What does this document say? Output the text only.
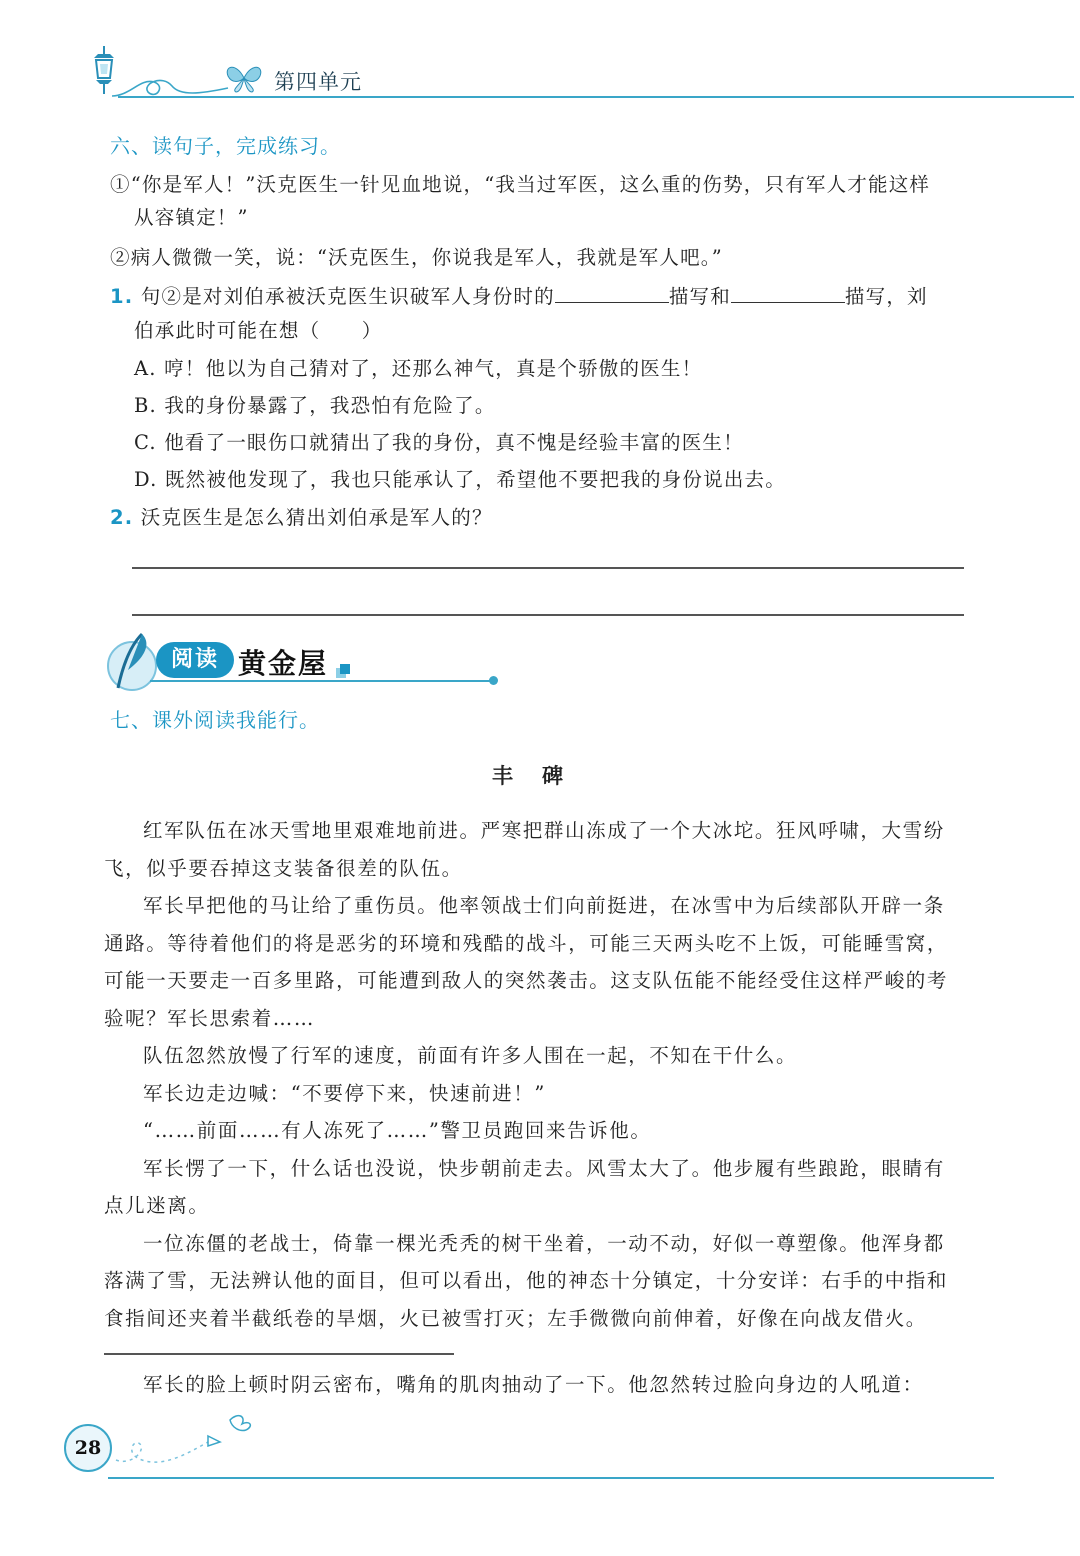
第四单元
六、读句子，完成练习。
①“你是军人！”沃克医生一针见血地说，“我当过军医，这么重的伤势，只有军人才能这样
从容镇定！”
②病人微微一笑，说：“沃克医生，你说我是军人，我就是军人吧。”
1. 句②是对刘伯承被沃克医生识破军人身份时的	描写和	描写，刘
伯承此时可能在想（　　）
A. 哼！他以为自己猜对了，还那么神气，真是个骄傲的医生！
B. 我的身份暴露了，我恐怕有危险了。
C. 他看了一眼伤口就猜出了我的身份，真不愧是经验丰富的医生！
D. 既然被他发现了，我也只能承认了，希望他不要把我的身份说出去。
2. 沃克医生是怎么猜出刘伯承是军人的？
阅读 黄金屋
七、课外阅读我能行。
丰　碑

红军队伍在冰天雪地里艰难地前进。严寒把群山冻成了一个大冰坨。狂风呼啸，大雪纷飞，似乎要吞掉这支装备很差的队伍。

军长早把他的马让给了重伤员。他率领战士们向前挺进，在冰雪中为后续部队开辟一条通路。等待着他们的将是恶劣的环境和残酷的战斗，可能三天两头吃不上饭，可能睡雪窝，可能一天要走一百多里路，可能遭到敌人的突然袭击。这支队伍能不能经受住这样严峻的考验呢？军长思索着……

队伍忽然放慢了行军的速度，前面有许多人围在一起，不知在干什么。

军长边走边喊：“不要停下来，快速前进！”

“……前面……有人冻死了……”警卫员跑回来告诉他。

军长愣了一下，什么话也没说，快步朝前走去。风雪太大了。他步履有些踉跄，眼睛有点儿迷离。

一位冻僵的老战士，倚靠一棵光秃秃的树干坐着，一动不动，好似一尊塑像。他浑身都落满了雪，无法辨认他的面目，但可以看出，他的神态十分镇定，十分安详：右手的中指和食指间还夹着半截纸卷的旱烟，火已被雪打灭；左手微微向前伸着，好像在向战友借火。

军长的脸上顿时阴云密布，嘴角的肌肉抽动了一下。他忽然转过脸向身边的人吼道：

28
